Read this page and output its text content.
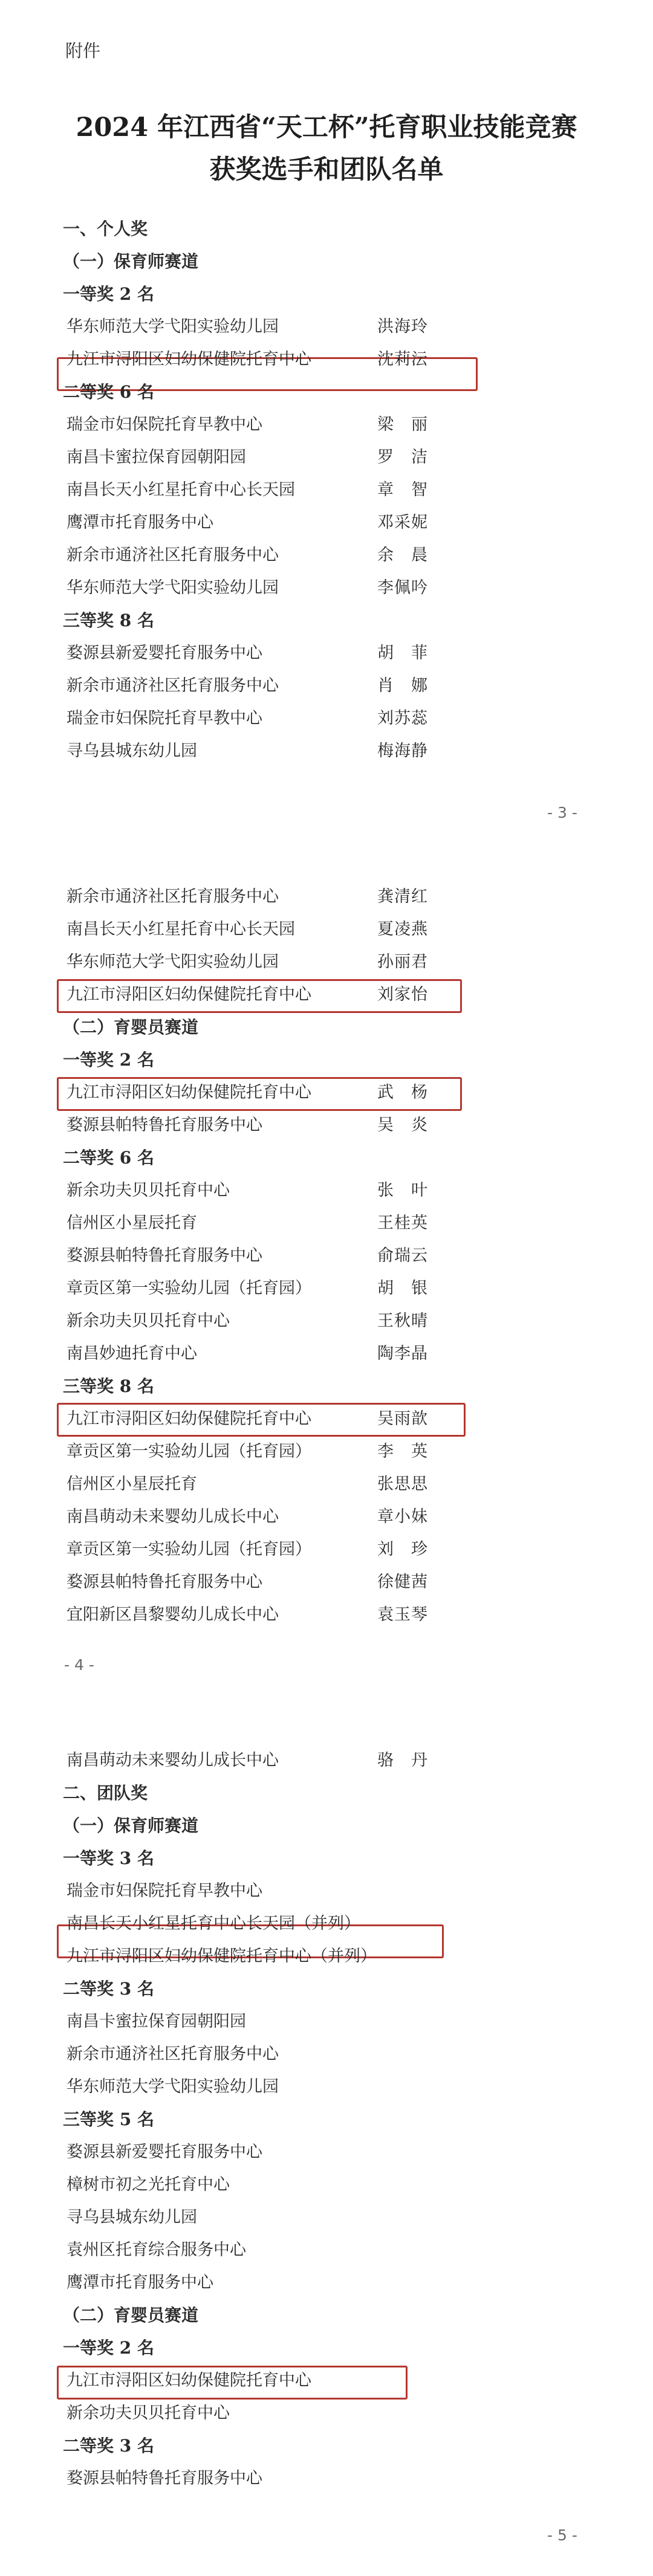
附件
2024 年江西省“天工杯”托育职业技能竞赛
获奖选手和团队名单
一、个人奖
（一）保育师赛道
一等奖 2 名
华东师范大学弋阳实验幼儿园	洪海玲
九江市浔阳区妇幼保健院托育中心	沈莉沄
二等奖 6 名
瑞金市妇保院托育早教中心	梁　丽
南昌卡蜜拉保育园朝阳园	罗　洁
南昌长天小红星托育中心长天园	章　智
鹰潭市托育服务中心	邓采妮
新余市通济社区托育服务中心	余　晨
华东师范大学弋阳实验幼儿园	李佩吟
三等奖 8 名
婺源县新爱婴托育服务中心	胡　菲
新余市通济社区托育服务中心	肖　娜
瑞金市妇保院托育早教中心	刘苏蕊
寻乌县城东幼儿园	梅海静
- 3 -
新余市通济社区托育服务中心	龚清红
南昌长天小红星托育中心长天园	夏凌燕
华东师范大学弋阳实验幼儿园	孙丽君
九江市浔阳区妇幼保健院托育中心	刘家怡
（二）育婴员赛道
一等奖 2 名
九江市浔阳区妇幼保健院托育中心	武　杨
婺源县帕特鲁托育服务中心	吴　炎
二等奖 6 名
新余功夫贝贝托育中心	张　叶
信州区小星辰托育	王桂英
婺源县帕特鲁托育服务中心	俞瑞云
章贡区第一实验幼儿园（托育园）	胡　银
新余功夫贝贝托育中心	王秋晴
南昌妙迪托育中心	陶李晶
三等奖 8 名
九江市浔阳区妇幼保健院托育中心	吴雨歆
章贡区第一实验幼儿园（托育园）	李　英
信州区小星辰托育	张思思
南昌萌动未来婴幼儿成长中心	章小妹
章贡区第一实验幼儿园（托育园）	刘　珍
婺源县帕特鲁托育服务中心	徐健茜
宜阳新区昌黎婴幼儿成长中心	袁玉琴
- 4 -
南昌萌动未来婴幼儿成长中心	骆　丹
二、团队奖
（一）保育师赛道
一等奖 3 名
瑞金市妇保院托育早教中心
南昌长天小红星托育中心长天园（并列）
九江市浔阳区妇幼保健院托育中心（并列）
二等奖 3 名
南昌卡蜜拉保育园朝阳园
新余市通济社区托育服务中心
华东师范大学弋阳实验幼儿园
三等奖 5 名
婺源县新爱婴托育服务中心
樟树市初之光托育中心
寻乌县城东幼儿园
袁州区托育综合服务中心
鹰潭市托育服务中心
（二）育婴员赛道
一等奖 2 名
九江市浔阳区妇幼保健院托育中心
新余功夫贝贝托育中心
二等奖 3 名
婺源县帕特鲁托育服务中心
- 5 -
